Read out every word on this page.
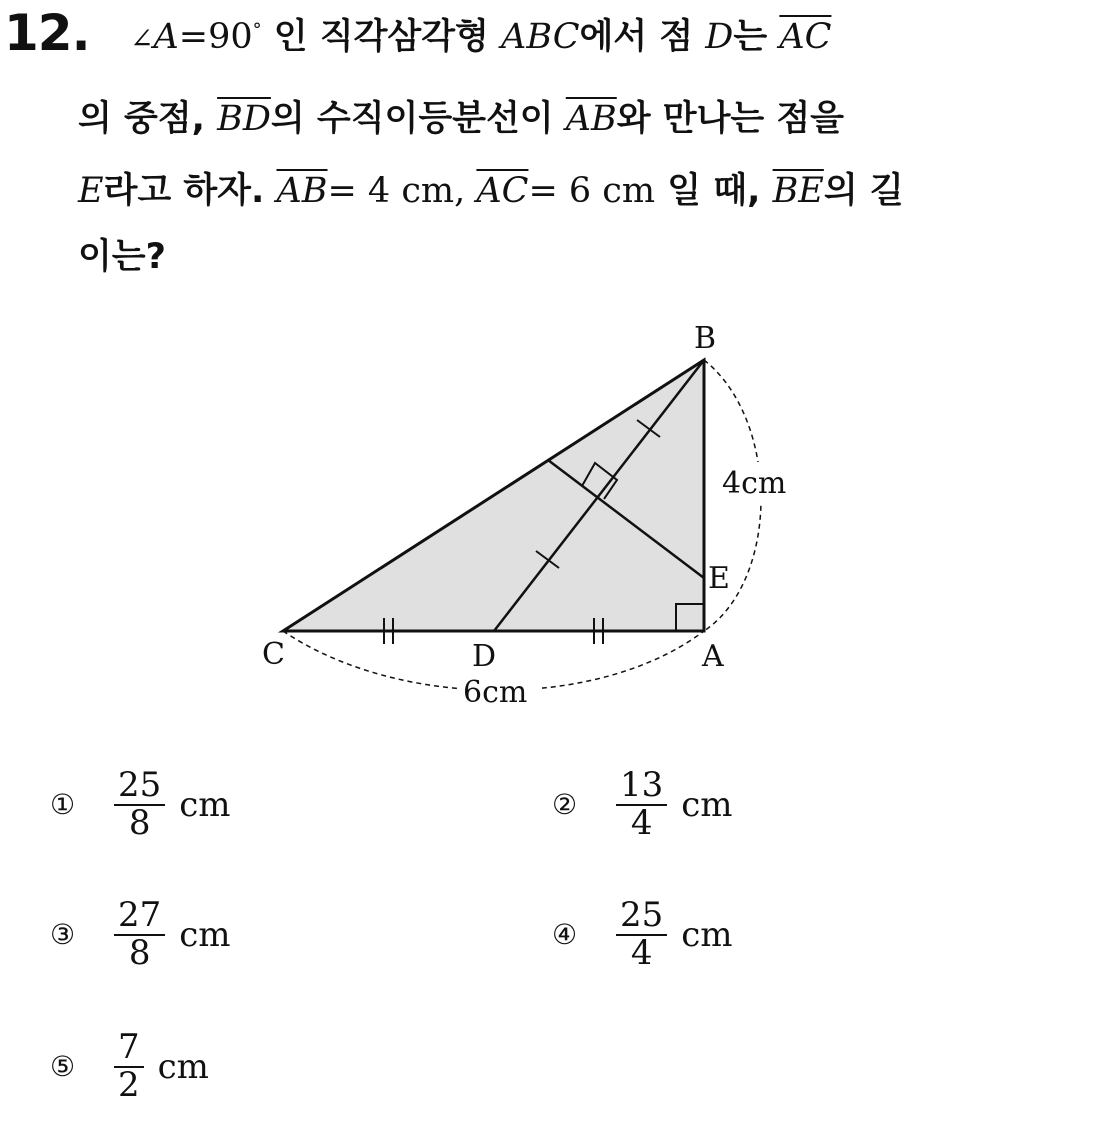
12. ∠A=90° 인 직각삼각형 ABC에서 점 D는 $\overline{AC}$
의 중점, $\overline{BD}$의 수직이등분선이 $\overline{AB}$와 만나는 점을
E라고 하자. $\overline{AB}= 4$ cm, $\overline{AC}= 6$ cm 일 때, $\overline{BE}$의 길
이는?
B
C	D	A
E
4cm
6cm
①	$\frac{25}{8}$ cm	②	$\frac{13}{4}$ cm
③	$\frac{27}{8}$ cm	④	$\frac{25}{4}$ cm
⑤	$\frac{7}{2}$ cm
